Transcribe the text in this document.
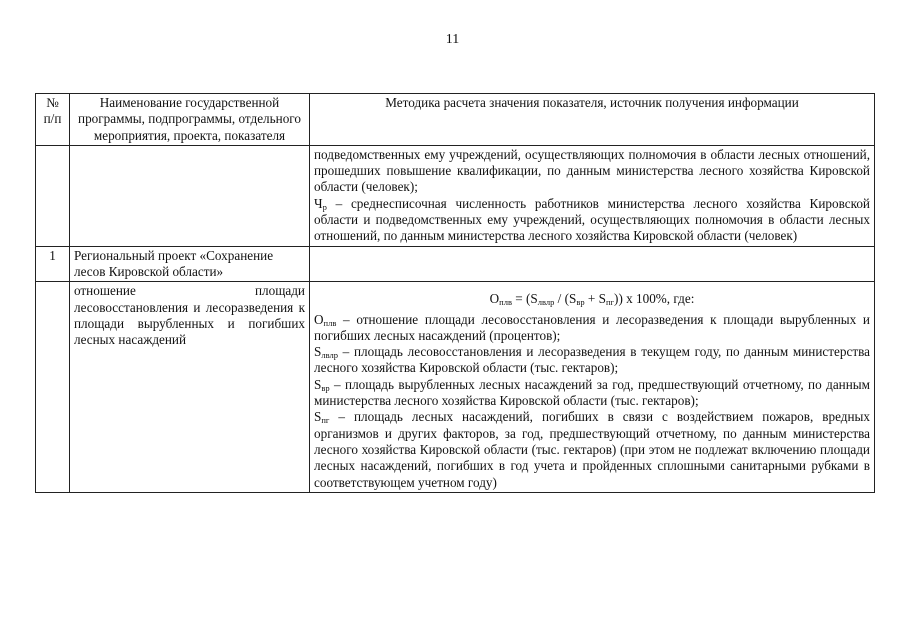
11
№ п/п	Наименование государственной программы, подпрограммы, отдельного мероприятия, проекта, показателя	Методика расчета значения показателя, источник получения информации

		подведомственных ему учреждений, осуществляющих полномочия в области лесных отношений, прошедших повышение квалификации, по данным министерства лесного хозяйства Кировской области (человек);
$Ч_р$ – среднесписочная численность работников министерства лесного хозяйства Кировской области и подведомственных ему учреждений, осуществляющих полномочия в области лесных отношений, по данным министерства лесного хозяйства Кировской области (человек)

1	Региональный проект «Сохранение лесов Кировской области»	
	отношение площади лесовосстановления и лесоразведения к площади вырубленных и погибших лесных насаждений	$О_{плв} = (S_{лвлр} / (S_{вр} + S_{пг}))$ х 100%, где:
$О_{плв}$ – отношение площади лесовосстановления и лесоразведения к площади вырубленных и погибших лесных насаждений (процентов);
$S_{лвлр}$ – площадь лесовосстановления и лесоразведения в текущем году, по данным министерства лесного хозяйства Кировской области (тыс. гектаров);
$S_{вр}$ – площадь вырубленных лесных насаждений за год, предшествующий отчетному, по данным министерства лесного хозяйства Кировской области (тыс. гектаров);
$S_{пг}$ – площадь лесных насаждений, погибших в связи с воздействием пожаров, вредных организмов и других факторов, за год, предшествующий отчетному, по данным министерства лесного хозяйства Кировской области (тыс. гектаров) (при этом не подлежат включению площади лесных насаждений, погибших в год учета и пройденных сплошными санитарными рубками в соответствующем учетном году)
